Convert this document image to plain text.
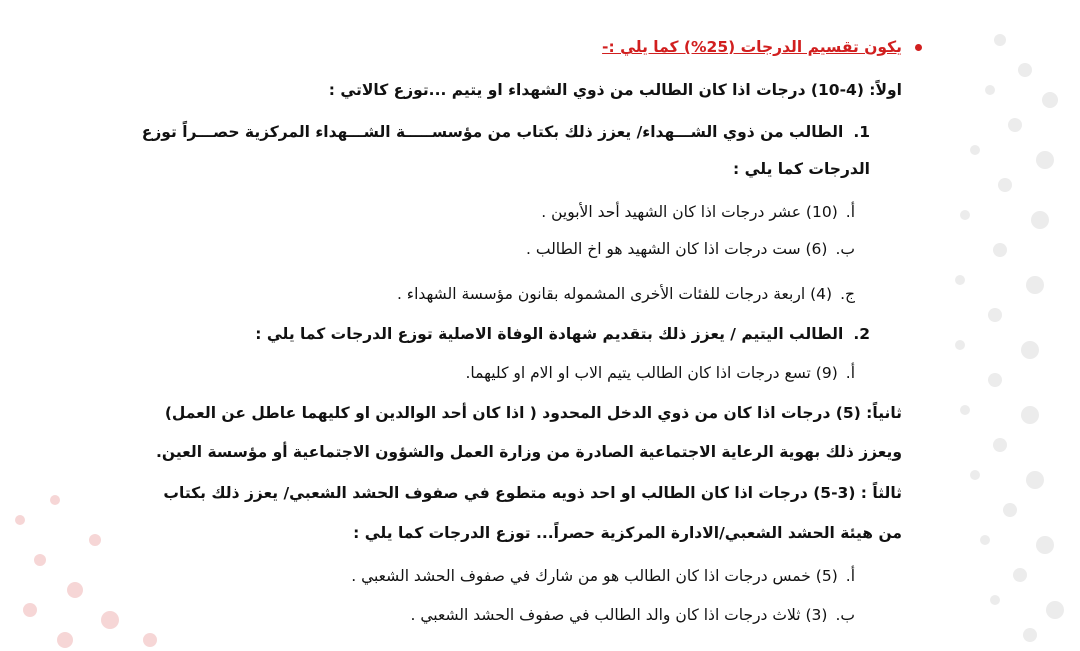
يكون تقسيم الدرجات (25%) كما يلي :-
اولاً: (4-10) درجات اذا كان الطالب من ذوي الشهداء او يتيم ...توزع كالاتي :
1.الطالب من ذوي الشـــهداء/ يعزز ذلك بكتاب من مؤسســـــة الشـــهداء المركزية حصـــراً توزع
الدرجات كما يلي :
أ.(10) عشر درجات اذا كان الشهيد أحد الأبوين .
ب.(6) ست درجات اذا كان الشهيد هو اخ الطالب .
ج.(4) اربعة درجات للفئات الأخرى المشموله بقانون مؤسسة الشهداء .
2.الطالب اليتيم / يعزز ذلك بتقديم شهادة الوفاة الاصلية توزع الدرجات كما يلي :
أ.(9) تسع درجات اذا كان الطالب يتيم الاب او الام او كليهما.
ثانياً: (5) درجات اذا كان من ذوي الدخل المحدود ( اذا كان أحد الوالدين او كليهما عاطل عن العمل)
ويعزز ذلك بهوية الرعاية الاجتماعية الصادرة من وزارة العمل والشؤون الاجتماعية أو مؤسسة العين.
ثالثاً : (3-5) درجات اذا كان الطالب او احد ذويه متطوع في صفوف الحشد الشعبي/ يعزز ذلك بكتاب
من هيئة الحشد الشعبي/الادارة المركزية حصراً... توزع الدرجات كما يلي :
أ.(5) خمس درجات اذا كان الطالب هو من شارك في صفوف الحشد الشعبي .
ب.(3) ثلاث درجات اذا كان والد الطالب في صفوف الحشد الشعبي .
